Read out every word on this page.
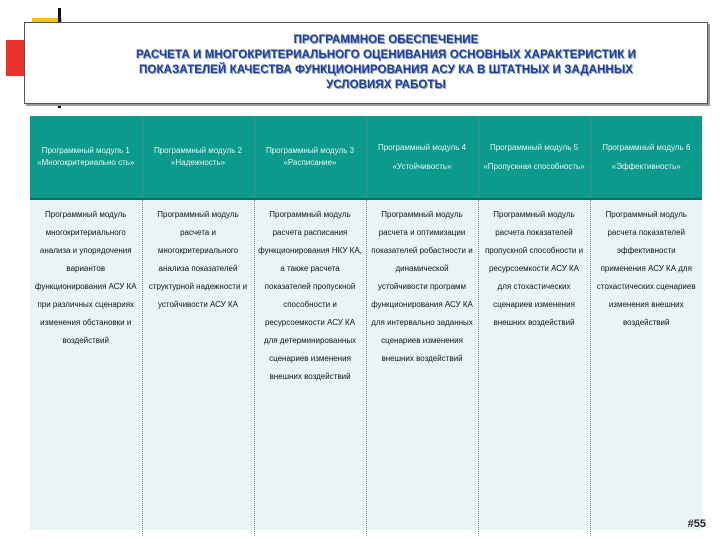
ПРОГРАММНОЕ ОБЕСПЕЧЕНИЕ
РАСЧЕТА И МНОГОКРИТЕРИАЛЬНОГО ОЦЕНИВАНИЯ ОСНОВНЫХ ХАРАКТЕРИСТИК И
ПОКАЗАТЕЛЕЙ КАЧЕСТВА ФУНКЦИОНИРОВАНИЯ АСУ КА В ШТАТНЫХ И ЗАДАННЫХ
УСЛОВИЯХ РАБОТЫ
Программный модуль 1 «Многокритериально сть»	Программный модуль 2 «Надежность»	Программный модуль 3 «Расписание»	Программный модуль 4 «Устойчивость»	Программный модуль 5 «Пропускная способность»	Программный модуль 6 «Эффективность»

Программный модуль многокритериального анализа и упорядочения вариантов функционирования АСУ КА при различных сценариях изменения обстановки и воздействий	Программный модуль расчета и многокритериального анализа показателей структурной надежности и устойчивости АСУ КА	Программный модуль расчета расписания функционирования НКУ КА, а также расчета показателей пропускной способности и ресурсоемкости АСУ КА для детерминированных сценариев изменения внешних воздействий	Программный модуль расчета и оптимизации показателей робастности и динамической устойчивости программ функционирования АСУ КА для интервально заданных сценариев изменения внешних воздействий	Программный модуль расчета показателей пропускной способности и ресурсоемкости АСУ КА для стохастических сценариев изменения внешних воздействий	Программный модуль расчета показателей эффективности применения АСУ КА для стохастических сценариев изменения внешних воздействий
#55
